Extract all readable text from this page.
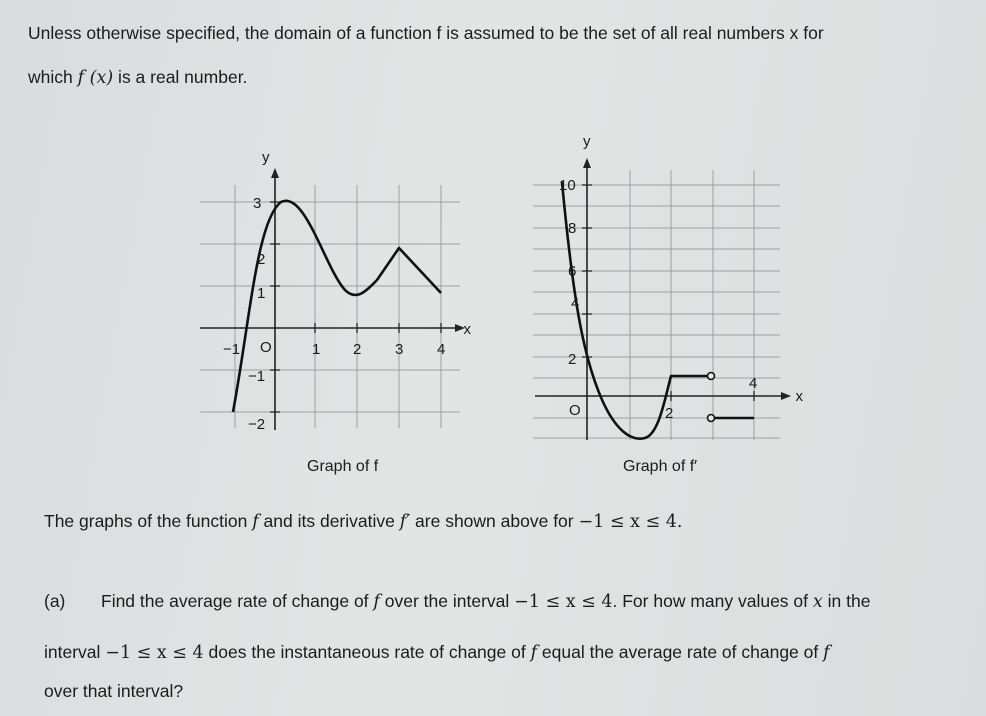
Unless otherwise specified, the domain of a function f is assumed to be the set of all real numbers x for
which f (x) is a real number.
y
x
O
−1	1 2 3 4
3
2
1
−1
−2
Graph of f
y
x
O
10
8
6
4
2
2
4
Graph of f′
The graphs of the function f and its derivative f′ are shown above for −1 ≤ x ≤ 4.
(a) Find the average rate of change of f over the interval −1 ≤ x ≤ 4. For how many values of x in the
interval −1 ≤ x ≤ 4 does the instantaneous rate of change of f equal the average rate of change of f
over that interval?
